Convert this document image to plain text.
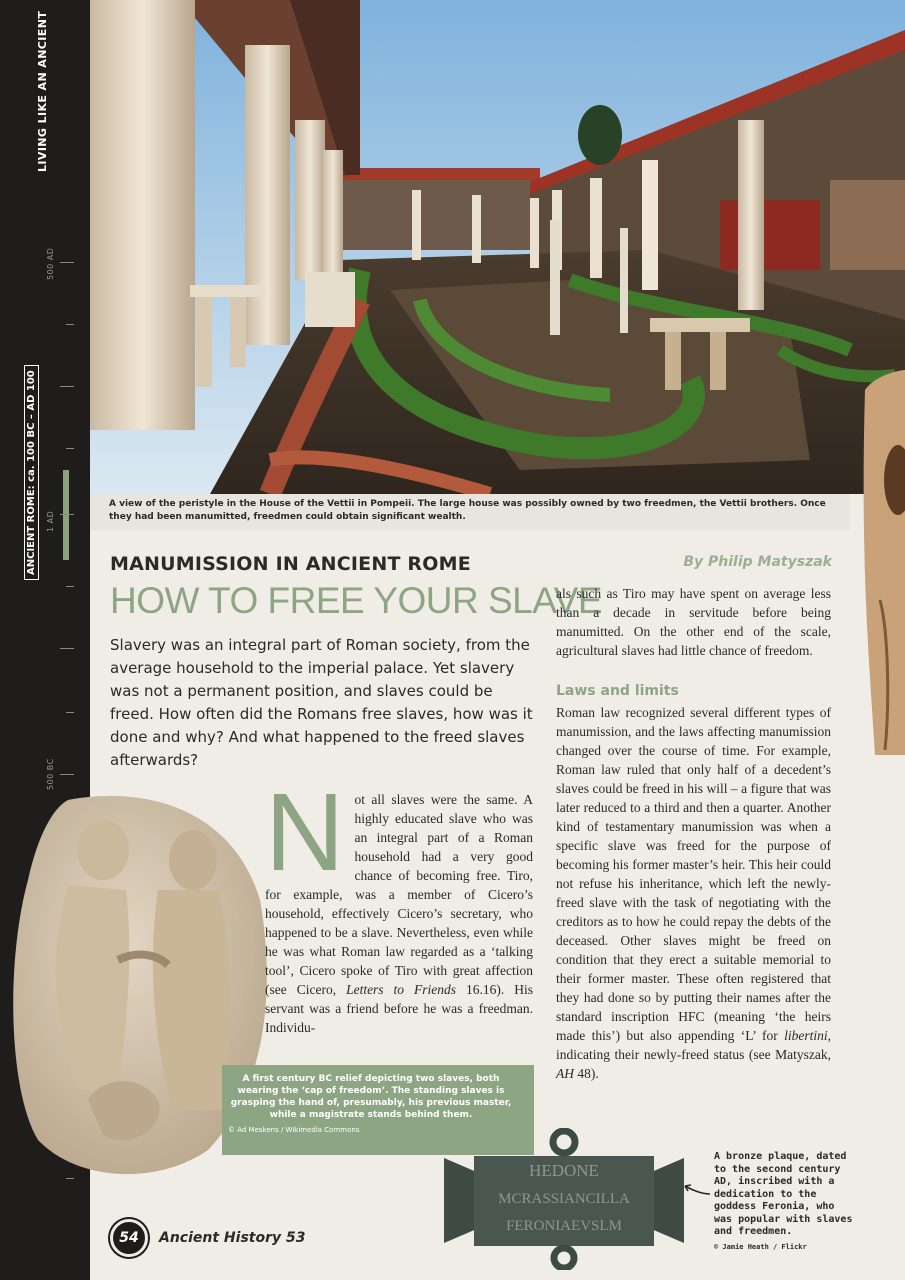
LIVING LIKE AN ANCIENT
ANCIENT ROME: ca. 100 BC – AD 100
500 AD
1 AD
500 BC
A view of the peristyle in the House of the Vettii in Pompeii. The large house was possibly owned by two freedmen, the Vettii brothers. Once they had been manumitted, freedmen could obtain significant wealth.
MANUMISSION IN ANCIENT ROME
HOW TO FREE YOUR SLAVE
By Philip Matyszak
Slavery was an integral part of Roman society, from the average household to the imperial palace. Yet slavery was not a permanent position, and slaves could be freed. How often did the Romans free slaves, how was it done and why? And what happened to the freed slaves afterwards?
Not all slaves were the same. A highly educated slave who was an integral part of a Roman household had a very good chance of becoming free. Tiro, for example, was a member of Cicero’s household, effectively Cicero’s secretary, who happened to be a slave. Nevertheless, even while he was what Roman law regarded as a ‘talking tool’, Cicero spoke of Tiro with great affection (see Cicero, Letters to Friends 16.16). His servant was a friend before he was a freedman. Individu-
A first century BC relief depicting two slaves, both wearing the ‘cap of freedom’. The standing slaves is grasping the hand of, presumably, his previous master, while a magistrate stands behind them.
© Ad Meskens / Wikimedia Commons

als such as Tiro may have spent on average less than a decade in servitude before being manumitted. On the other end of the scale, agricultural slaves had little chance of freedom.

Laws and limits

Roman law recognized several different types of manumission, and the laws affecting manumission changed over the course of time. For example, Roman law ruled that only half of a decedent’s slaves could be freed in his will – a figure that was later reduced to a third and then a quarter. Another kind of testamentary manumission was when a specific slave was freed for the purpose of becoming his former master’s heir. This heir could not refuse his inheritance, which left the newly-freed slave with the task of negotiating with the creditors as to how he could repay the debts of the deceased. Other slaves might be freed on condition that they erect a suitable memorial to their former master. These often registered that they had done so by putting their names after the standard inscription HFC (meaning ‘the heirs made this’) but also appending ‘L’ for libertini, indicating their newly-freed status (see Matyszak, AH 48).

HEDONE
MCRASSIANCILLA
FERONIAEVSLM
A bronze plaque, dated to the second century AD, inscribed with a dedication to the goddess Feronia, who was popular with slaves and freedmen.
© Jamie Heath / Flickr
54	Ancient History 53
